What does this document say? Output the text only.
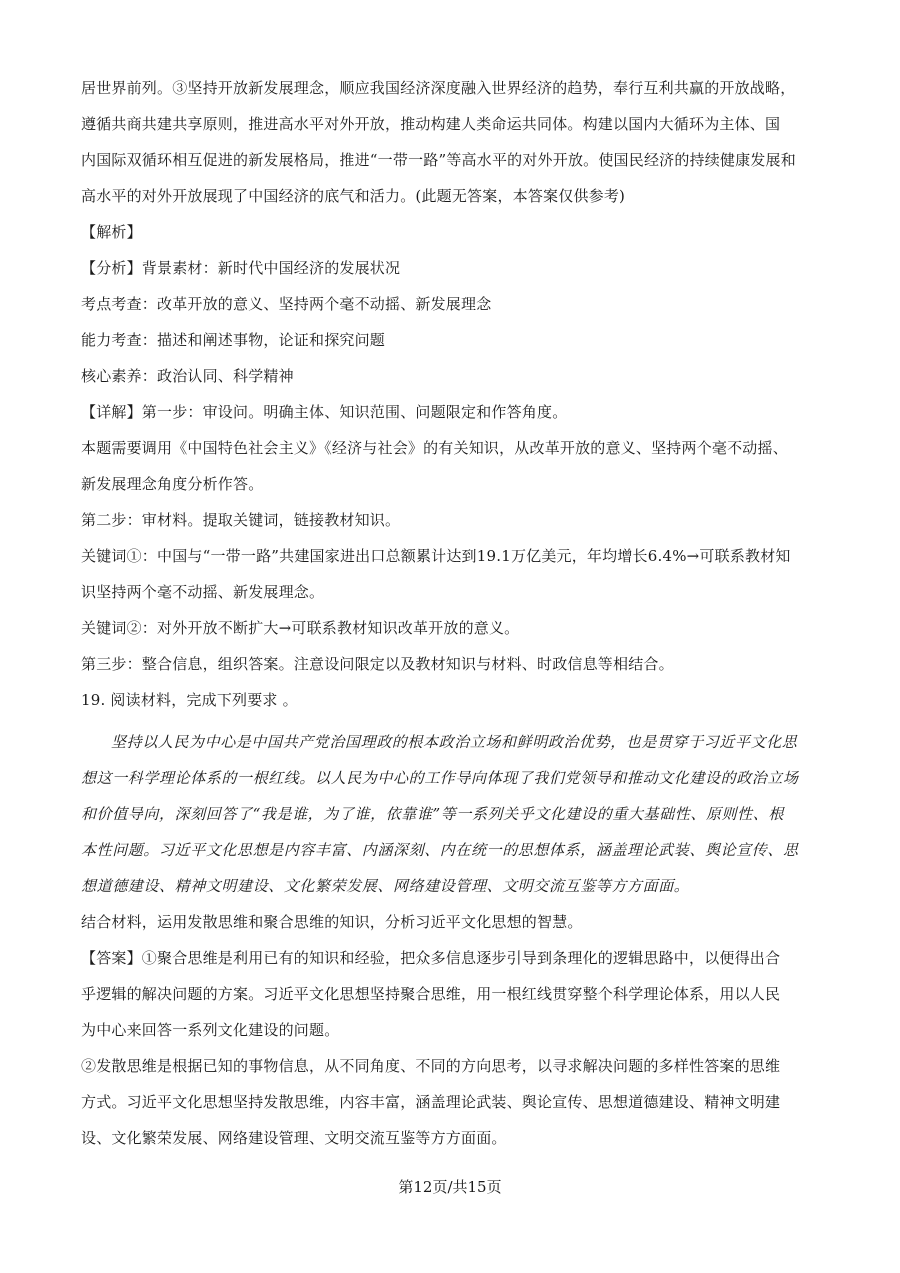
居世界前列。③坚持开放新发展理念，顺应我国经济深度融入世界经济的趋势，奉行互利共赢的开放战略，
遵循共商共建共享原则，推进高水平对外开放，推动构建人类命运共同体。构建以国内大循环为主体、国
内国际双循环相互促进的新发展格局，推进“一带一路”等高水平的对外开放。使国民经济的持续健康发展和
高水平的对外开放展现了中国经济的底气和活力。(此题无答案，本答案仅供参考)
【解析】
【分析】背景素材：新时代中国经济的发展状况
考点考查：改革开放的意义、坚持两个毫不动摇、新发展理念
能力考查：描述和阐述事物，论证和探究问题
核心素养：政治认同、科学精神
【详解】第一步：审设问。明确主体、知识范围、问题限定和作答角度。
本题需要调用《中国特色社会主义》《经济与社会》的有关知识，从改革开放的意义、坚持两个毫不动摇、
新发展理念角度分析作答。
第二步：审材料。提取关键词，链接教材知识。
关键词①：中国与“一带一路”共建国家进出口总额累计达到19.1万亿美元，年均增长6.4%→可联系教材知
识坚持两个毫不动摇、新发展理念。
关键词②：对外开放不断扩大→可联系教材知识改革开放的意义。
第三步：整合信息，组织答案。注意设问限定以及教材知识与材料、时政信息等相结合。
19. 阅读材料，完成下列要求 。
坚持以人民为中心是中国共产党治国理政的根本政治立场和鲜明政治优势，也是贯穿于习近平文化思
想这一科学理论体系的一根红线。以人民为中心的工作导向体现了我们党领导和推动文化建设的政治立场
和价值导向，深刻回答了“我是谁，为了谁，依靠谁”等一系列关乎文化建设的重大基础性、原则性、根
本性问题。习近平文化思想是内容丰富、内涵深刻、内在统一的思想体系，涵盖理论武装、舆论宣传、思
想道德建设、精神文明建设、文化繁荣发展、网络建设管理、文明交流互鉴等方方面面。
结合材料，运用发散思维和聚合思维的知识，分析习近平文化思想的智慧。
【答案】①聚合思维是利用已有的知识和经验，把众多信息逐步引导到条理化的逻辑思路中，以便得出合
乎逻辑的解决问题的方案。习近平文化思想坚持聚合思维，用一根红线贯穿整个科学理论体系，用以人民
为中心来回答一系列文化建设的问题。
②发散思维是根据已知的事物信息，从不同角度、不同的方向思考，以寻求解决问题的多样性答案的思维
方式。习近平文化思想坚持发散思维，内容丰富，涵盖理论武装、舆论宣传、思想道德建设、精神文明建
设、文化繁荣发展、网络建设管理、文明交流互鉴等方方面面。
第12页/共15页
